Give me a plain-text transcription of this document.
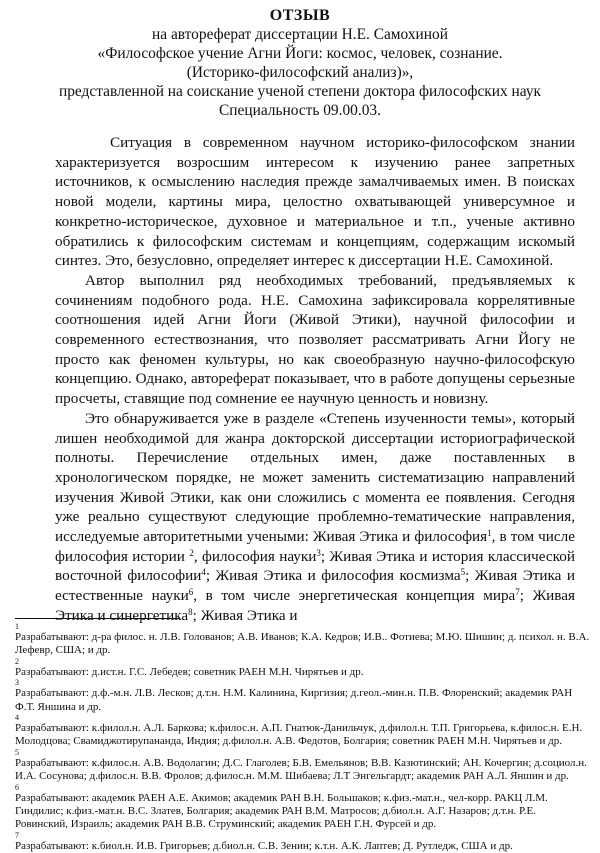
ОТЗЫВ
на автореферат диссертации Н.Е. Самохиной
«Философское учение Агни Йоги: космос, человек, сознание.
(Историко-философский анализ)»,
представленной на соискание ученой степени доктора философских наук
Специальность 09.00.03.

Ситуация в современном научном историко-философском знании характеризуется возросшим интересом к изучению ранее запретных источников, к осмыслению наследия прежде замалчиваемых имен. В поисках новой модели, картины мира, целостно охватывающей универсумное и конкретно-историческое, духовное и материальное и т.п., ученые активно обратились к философским системам и концепциям, содержащим искомый синтез. Это, безусловно, определяет интерес к диссертации Н.Е. Самохиной.

Автор выполнил ряд необходимых требований, предъявляемых к сочинениям подобного рода. Н.Е. Самохина зафиксировала коррелятивные соотношения идей Агни Йоги (Живой Этики), научной философии и современного естествознания, что позволяет рассматривать Агни Йогу не просто как феномен культуры, но как своеобразную научно-философскую концепцию. Однако, автореферат показывает, что в работе допущены серьезные просчеты, ставящие под сомнение ее научную ценность и новизну.

Это обнаруживается уже в разделе «Степень изученности темы», который лишен необходимой для жанра докторской диссертации историографической полноты. Перечисление отдельных имен, даже поставленных в хронологическом порядке, не может заменить систематизацию направлений изучения Живой Этики, как они сложились с момента ее появления. Сегодня уже реально существуют следующие проблемно-тематические направления, исследуемые авторитетными учеными: Живая Этика и философия$^1$, в том числе философия истории $^2$, философия науки$^3$; Живая Этика и история классической восточной философии$^4$; Живая Этика и философия космизма$^5$; Живая Этика и естественные науки$^6$, в том числе энергетическая концепция мира$^7$; Живая Этика и синергетика$^8$; Живая Этика и

1
Разрабатывают: д-ра филос. н. Л.В. Голованов; А.В. Иванов; К.А. Кедров; И.В.. Фотиева; М.Ю. Шишин; д. психол. н. В.А. Лефевр, США; и др.
2
Разрабатывают: д.ист.н. Г.С. Лебедев; советник РАЕН М.Н. Чирятьев и др.
3
Разрабатывают: д.ф.-м.н. Л.В. Лесков; д.т.н. Н.М. Калинина, Киргизия; д.геол.-мин.н. П.В. Флоренский; академик РАН Ф.Т. Яншина и др.
4
Разрабатывают: к.филол.н. А.Л. Баркова; к.филос.н. А.П. Гнатюк-Данильчук, д.филол.н. Т.П. Григорьева, к.филос.н. Е.Н. Молодцова; Свамиджотирупананда, Индия; д.филол.н. А.В. Федотов, Болгария; советник РАЕН М.Н. Чирятьев и др.
5
Разрабатывают: к.филос.н. А.В. Водолагин; Д.С. Глаголев; Б.В. Емельянов; В.В. Казютинский; АН. Кочергин; д.социол.н. И.А. Сосунова; д.филос.н. В.В. Фролов; д.филос.н. М.М. Шибаева; Л.Т Энгельгардт; академик РАН А.Л. Яншин и др.
6
Разрабатывают: академик РАЕН А.Е. Акимов; академик РАН В.Н. Большаков; к.физ.-мат.н., чел-корр. РАКЦ Л.М. Гиндилис; к.физ.-мат.н. В.С. Златев, Болгария; академик РАН В.М. Матросов; д.биол.н. А.Г. Назаров; д.т.н. Р.Е. Ровинский, Израиль; академик РАН В.В. Струминский; академик РАЕН Г.Н. Фурсей и др.
7
Разрабатывают: к.биол.н. И.В. Григорьев; д.биол.н. С.В. Зенин; к.т.н. А.К. Лаптев; Д. Рутледж, США и др.
